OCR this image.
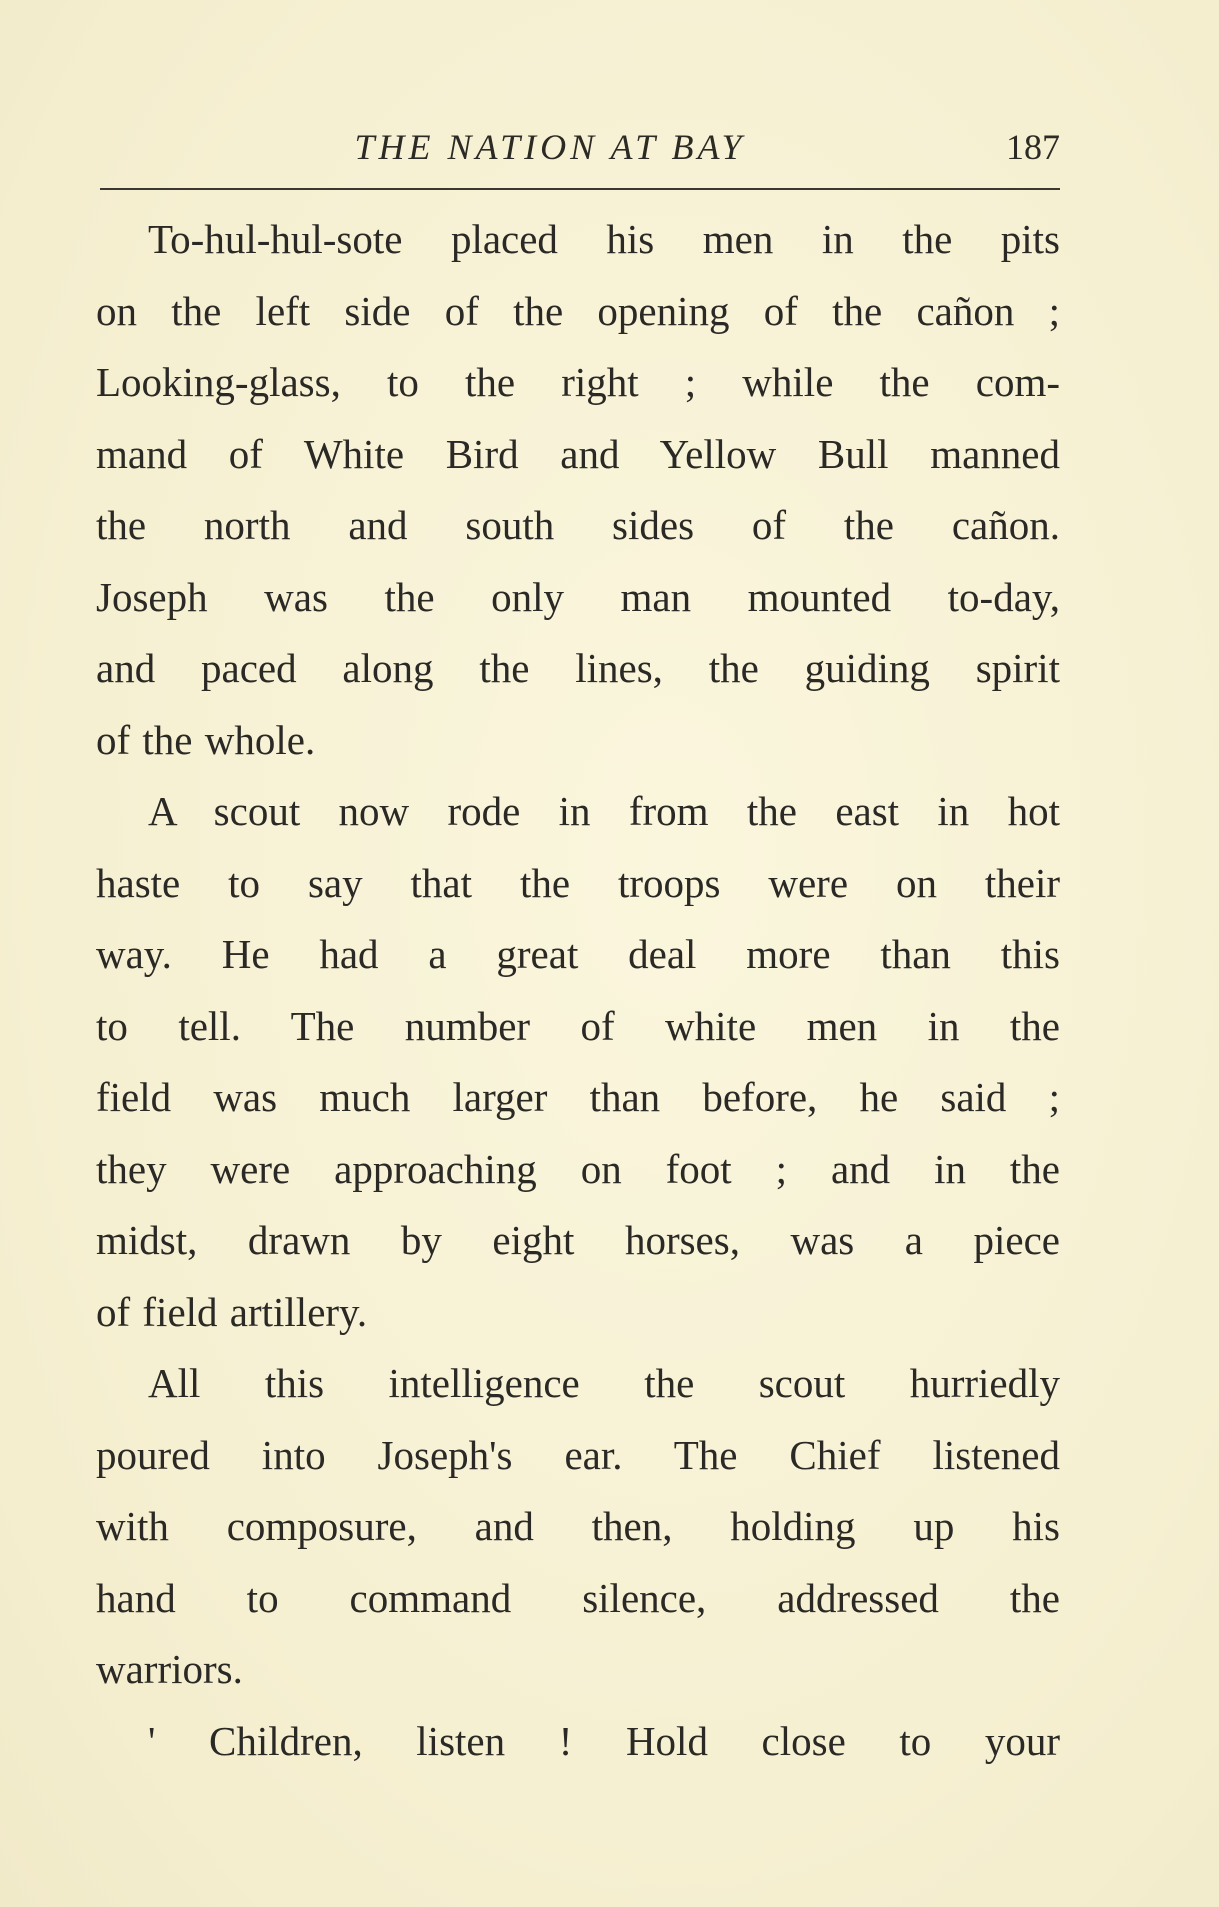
THE NATION AT BAY	187
To-hul-hul-sote placed his men in the pits
on the left side of the opening of the cañon ;
Looking-glass, to the right ; while the com-
mand of White Bird and Yellow Bull manned
the north and south sides of the cañon.
Joseph was the only man mounted to-day,
and paced along the lines, the guiding spirit
of the whole.
A scout now rode in from the east in hot
haste to say that the troops were on their
way. He had a great deal more than this
to tell. The number of white men in the
field was much larger than before, he said ;
they were approaching on foot ; and in the
midst, drawn by eight horses, was a piece
of field artillery.
All this intelligence the scout hurriedly
poured into Joseph's ear. The Chief listened
with composure, and then, holding up his
hand to command silence, addressed the
warriors.
' Children, listen ! Hold close to your
